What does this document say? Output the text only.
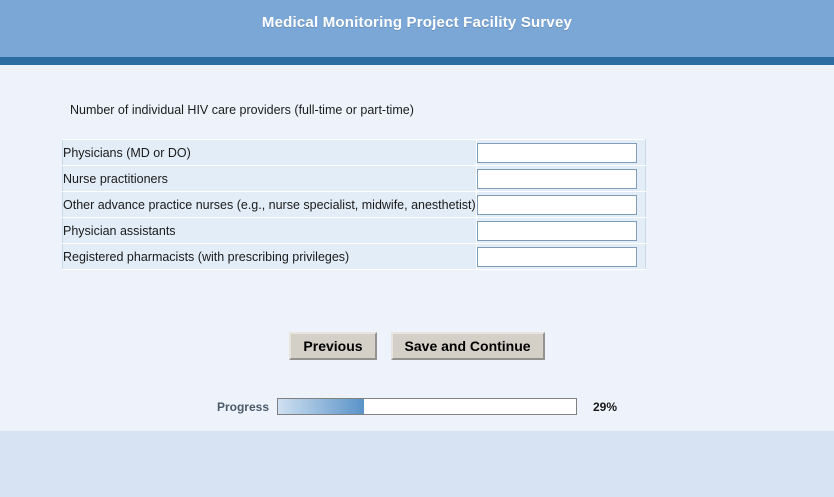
Medical Monitoring Project Facility Survey
Number of individual HIV care providers (full-time or part-time)
Physicians (MD or DO)	
Nurse practitioners	
Other advance practice nurses (e.g., nurse specialist, midwife, anesthetist)	
Physician assistants	
Registered pharmacists (with prescribing privileges)	
Previous	Save and Continue
Progress	29%
